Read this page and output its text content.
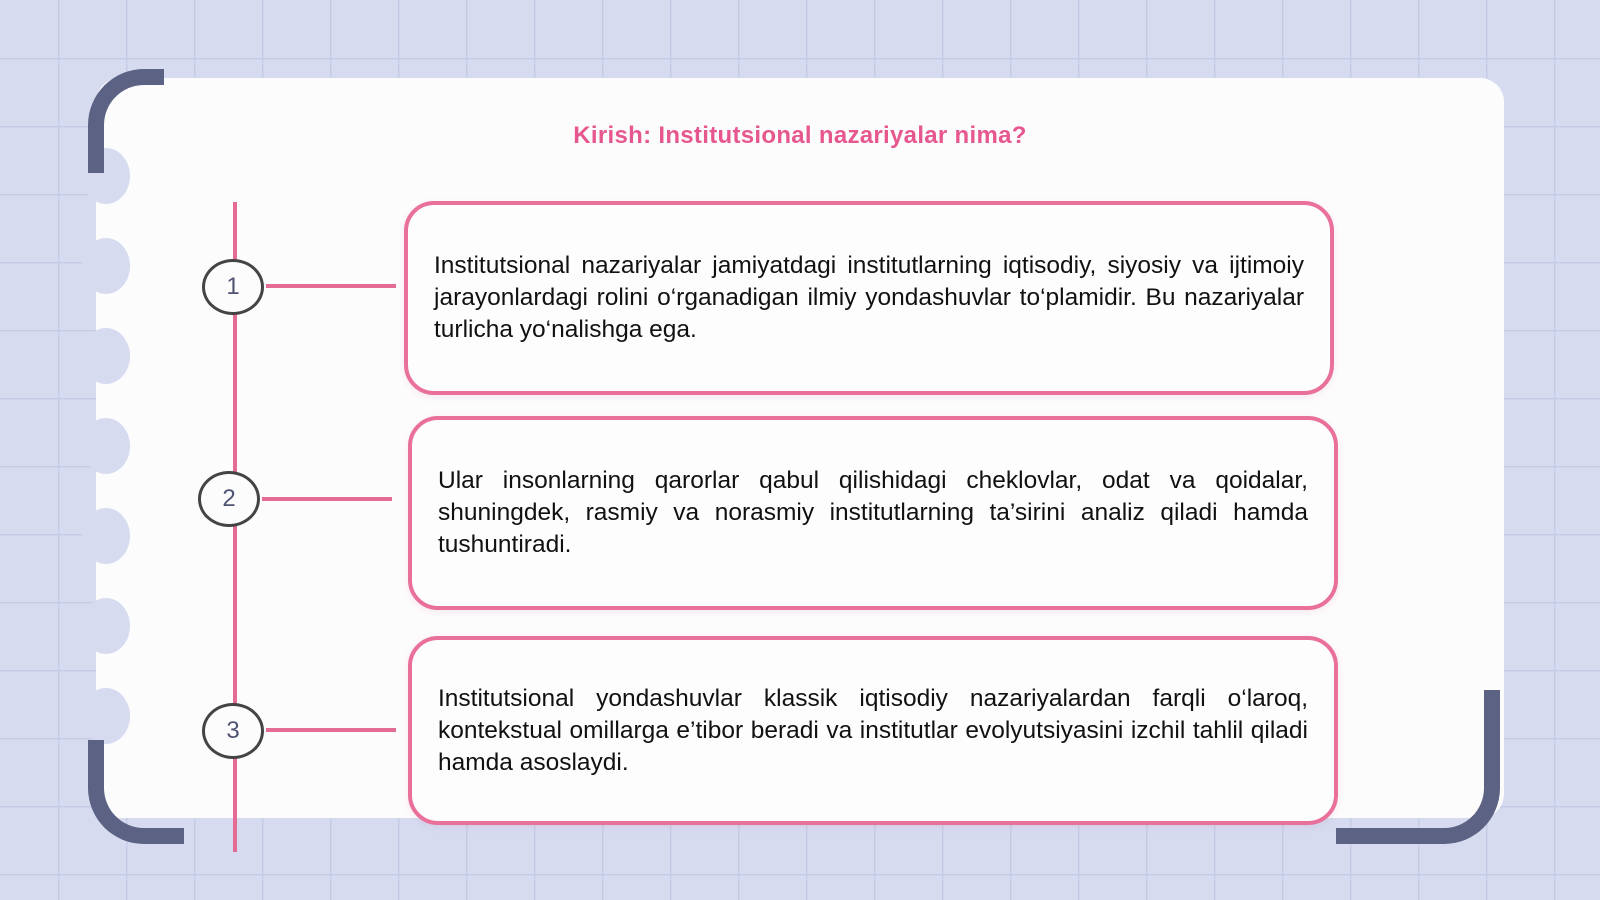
Kirish: Institutsional nazariyalar nima?
1
2
3

Institutsional nazariyalar jamiyatdagi institutlarning iqtisodiy, siyosiy va ijtimoiy jarayonlardagi rolini o‘rganadigan ilmiy yondashuvlar to‘plamidir. Bu nazariyalar turlicha yo‘nalishga ega.

Ular insonlarning qarorlar qabul qilishidagi cheklovlar, odat va qoidalar, shuningdek, rasmiy va norasmiy institutlarning ta’sirini analiz qiladi hamda tushuntiradi.

Institutsional yondashuvlar klassik iqtisodiy nazariyalardan farqli o‘laroq, kontekstual omillarga e’tibor beradi va institutlar evolyutsiyasini izchil tahlil qiladi hamda asoslaydi.
